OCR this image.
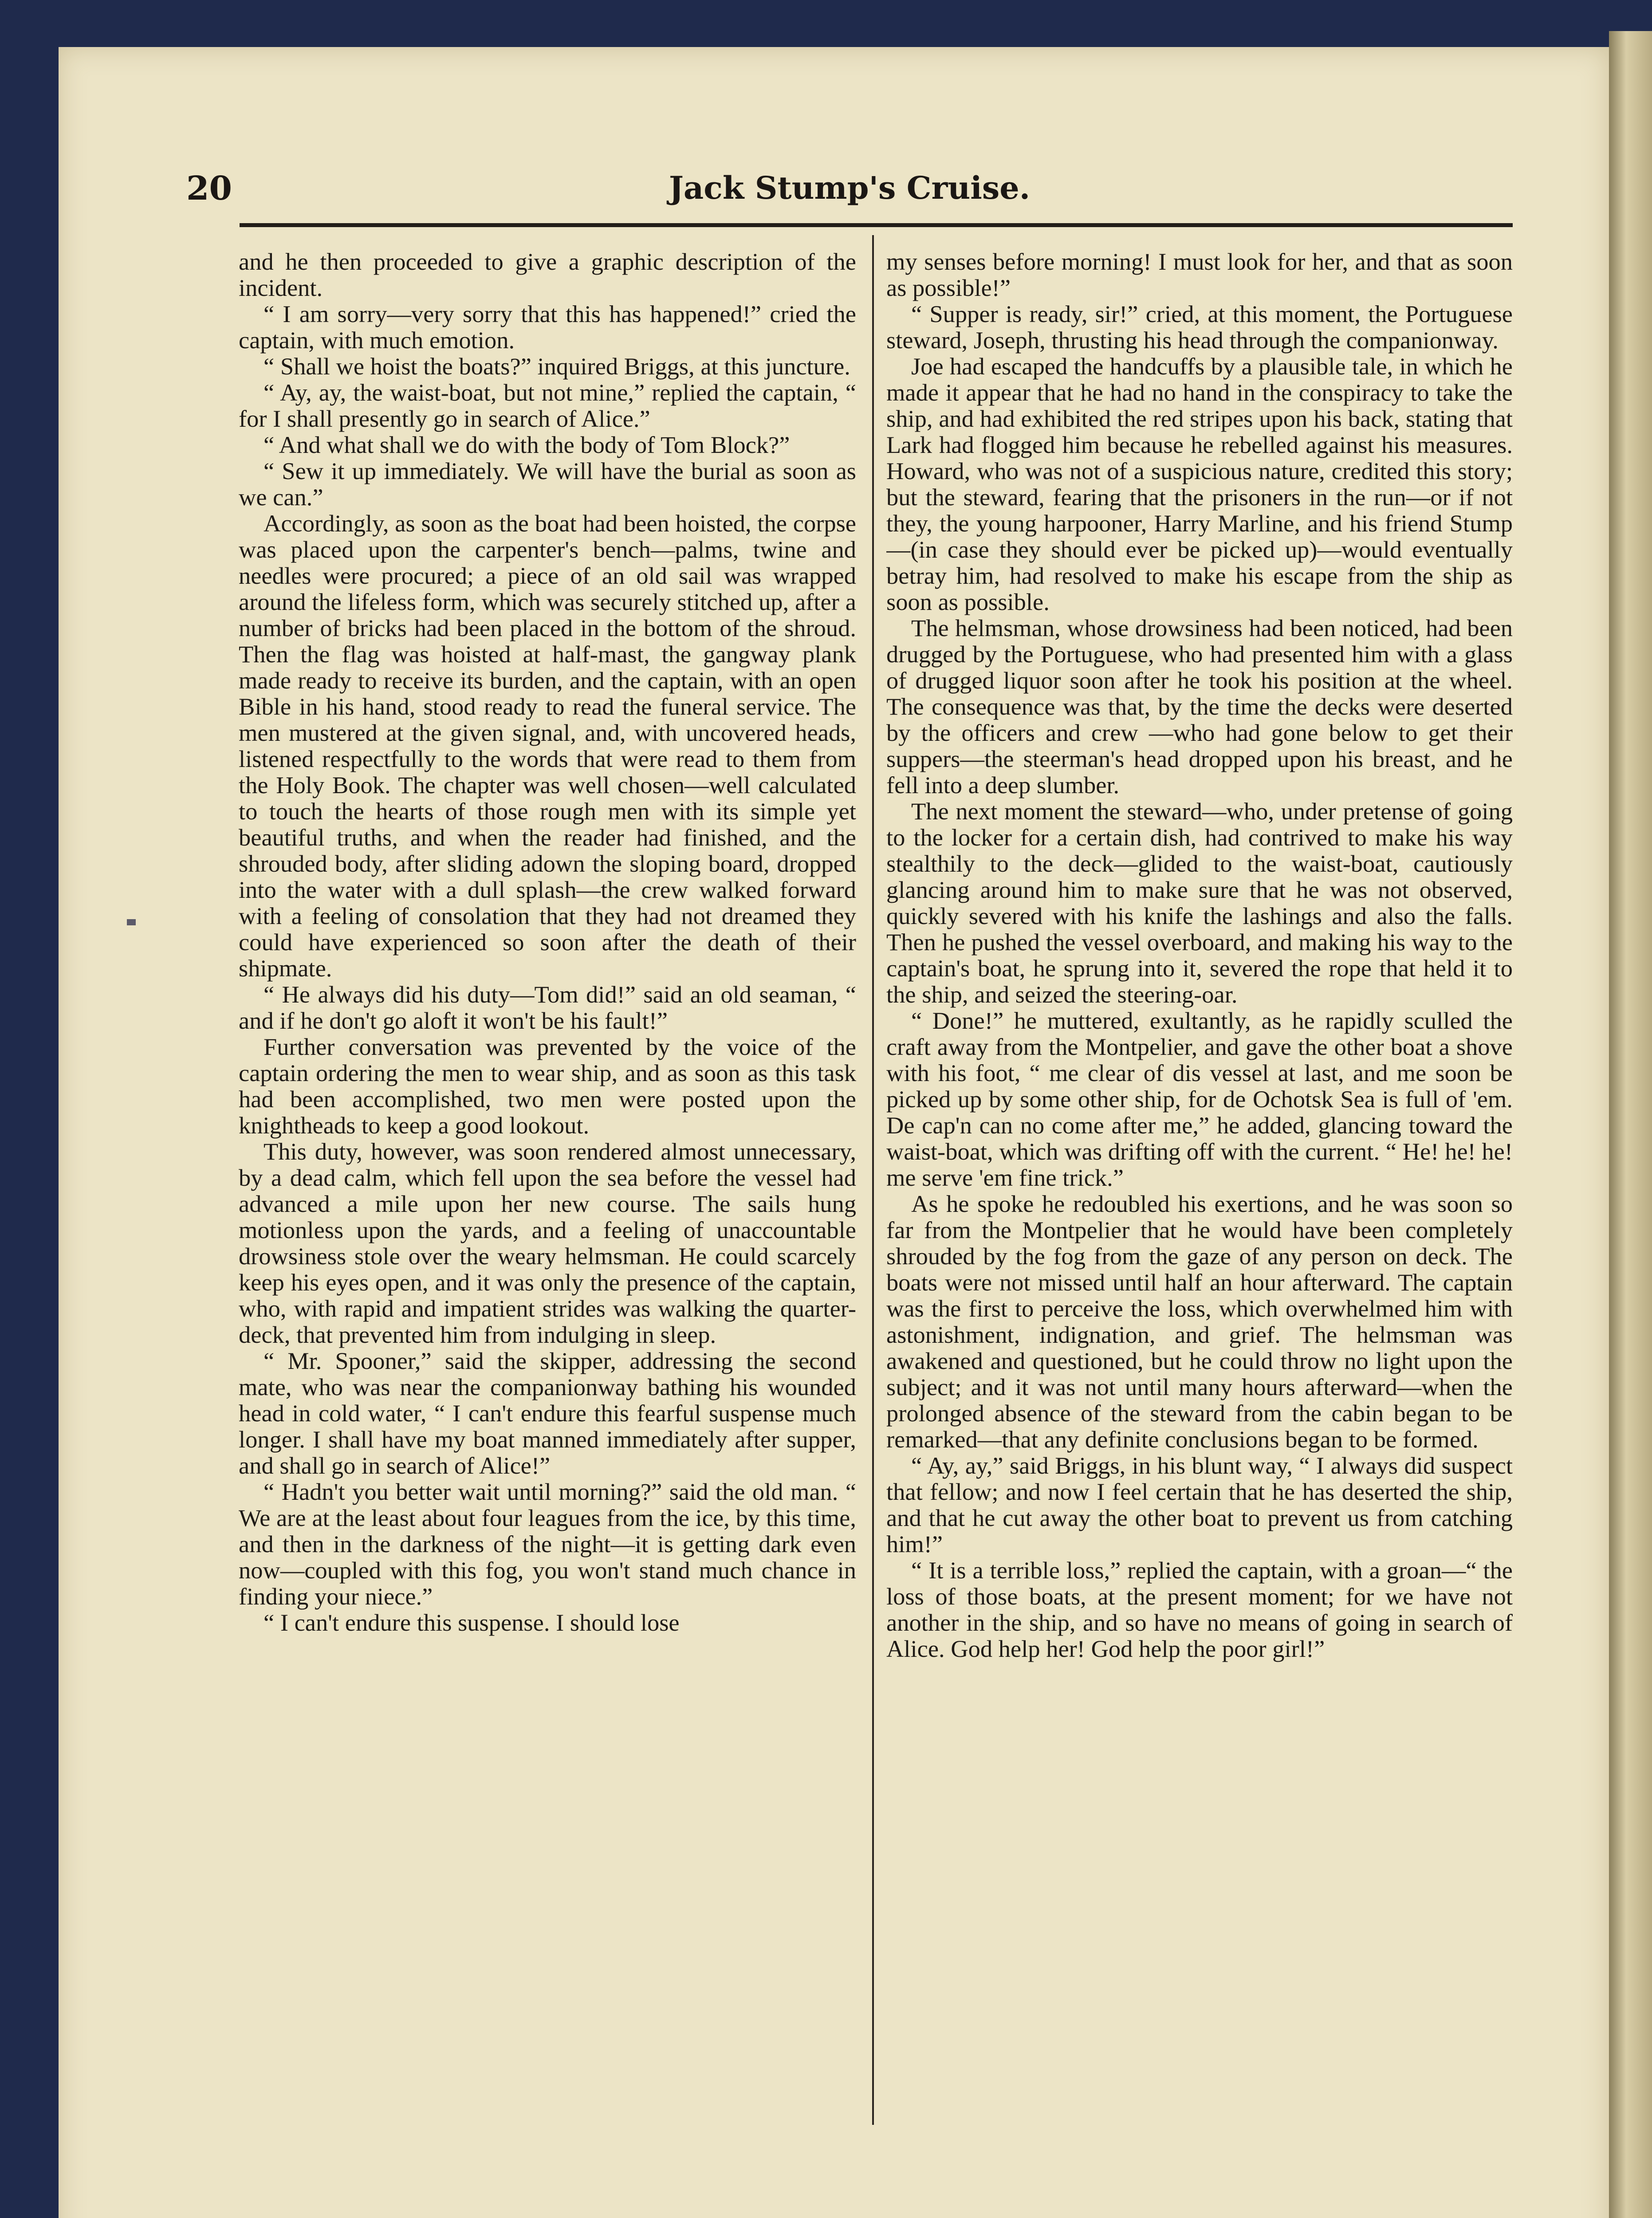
20	Jack Stump's Cruise.

and he then proceeded to give a graphic description of the incident.

“ I am sorry—very sorry that this has happened!” cried the captain, with much emotion.

“ Shall we hoist the boats?” inquired Briggs, at this juncture.

“ Ay, ay, the waist-boat, but not mine,” replied the captain, “ for I shall presently go in search of Alice.”

“ And what shall we do with the body of Tom Block?”

“ Sew it up immediately. We will have the burial as soon as we can.”

Accordingly, as soon as the boat had been hoisted, the corpse was placed upon the carpenter's bench—palms, twine and needles were procured; a piece of an old sail was wrapped around the lifeless form, which was securely stitched up, after a number of bricks had been placed in the bottom of the shroud. Then the flag was hoisted at half-mast, the gangway plank made ready to receive its burden, and the captain, with an open Bible in his hand, stood ready to read the funeral service. The men mustered at the given signal, and, with uncovered heads, listened respectfully to the words that were read to them from the Holy Book. The chapter was well chosen—well calculated to touch the hearts of those rough men with its simple yet beautiful truths, and when the reader had finished, and the shrouded body, after sliding adown the sloping board, dropped into the water with a dull splash—the crew walked forward with a feeling of consolation that they had not dreamed they could have experienced so soon after the death of their shipmate.

“ He always did his duty—Tom did!” said an old seaman, “ and if he don't go aloft it won't be his fault!”

Further conversation was prevented by the voice of the captain ordering the men to wear ship, and as soon as this task had been accomplished, two men were posted upon the knightheads to keep a good lookout.

This duty, however, was soon rendered almost unnecessary, by a dead calm, which fell upon the sea before the vessel had advanced a mile upon her new course. The sails hung motionless upon the yards, and a feeling of unaccountable drowsiness stole over the weary helmsman. He could scarcely keep his eyes open, and it was only the presence of the captain, who, with rapid and impatient strides was walking the quarter-deck, that prevented him from indulging in sleep.

“ Mr. Spooner,” said the skipper, addressing the second mate, who was near the companionway bathing his wounded head in cold water, “ I can't endure this fearful suspense much longer. I shall have my boat manned immediately after supper, and shall go in search of Alice!”

“ Hadn't you better wait until morning?” said the old man. “ We are at the least about four leagues from the ice, by this time, and then in the darkness of the night—it is getting dark even now—coupled with this fog, you won't stand much chance in finding your niece.”

“ I can't endure this suspense. I should lose

my senses before morning! I must look for her, and that as soon as possible!”

“ Supper is ready, sir!” cried, at this moment, the Portuguese steward, Joseph, thrusting his head through the companionway.

Joe had escaped the handcuffs by a plausible tale, in which he made it appear that he had no hand in the conspiracy to take the ship, and had exhibited the red stripes upon his back, stating that Lark had flogged him because he rebelled against his measures. Howard, who was not of a suspicious nature, credited this story; but the steward, fearing that the prisoners in the run—or if not they, the young harpooner, Harry Marline, and his friend Stump—(in case they should ever be picked up)—would eventually betray him, had resolved to make his escape from the ship as soon as possible.

The helmsman, whose drowsiness had been noticed, had been drugged by the Portuguese, who had presented him with a glass of drugged liquor soon after he took his position at the wheel. The consequence was that, by the time the decks were deserted by the officers and crew —who had gone below to get their suppers—the steerman's head dropped upon his breast, and he fell into a deep slumber.

The next moment the steward—who, under pretense of going to the locker for a certain dish, had contrived to make his way stealthily to the deck—glided to the waist-boat, cautiously glancing around him to make sure that he was not observed, quickly severed with his knife the lashings and also the falls. Then he pushed the vessel overboard, and making his way to the captain's boat, he sprung into it, severed the rope that held it to the ship, and seized the steering-oar.

“ Done!” he muttered, exultantly, as he rapidly sculled the craft away from the Montpelier, and gave the other boat a shove with his foot, “ me clear of dis vessel at last, and me soon be picked up by some other ship, for de Ochotsk Sea is full of 'em. De cap'n can no come after me,” he added, glancing toward the waist-boat, which was drifting off with the current. “ He! he! he! me serve 'em fine trick.”

As he spoke he redoubled his exertions, and he was soon so far from the Montpelier that he would have been completely shrouded by the fog from the gaze of any person on deck. The boats were not missed until half an hour afterward. The captain was the first to perceive the loss, which overwhelmed him with astonishment, indignation, and grief. The helmsman was awakened and questioned, but he could throw no light upon the subject; and it was not until many hours afterward—when the prolonged absence of the steward from the cabin began to be remarked—that any definite conclusions began to be formed.

“ Ay, ay,” said Briggs, in his blunt way, “ I always did suspect that fellow; and now I feel certain that he has deserted the ship, and that he cut away the other boat to prevent us from catching him!”

“ It is a terrible loss,” replied the captain, with a groan—“ the loss of those boats, at the present moment; for we have not another in the ship, and so have no means of going in search of Alice. God help her! God help the poor girl!”
